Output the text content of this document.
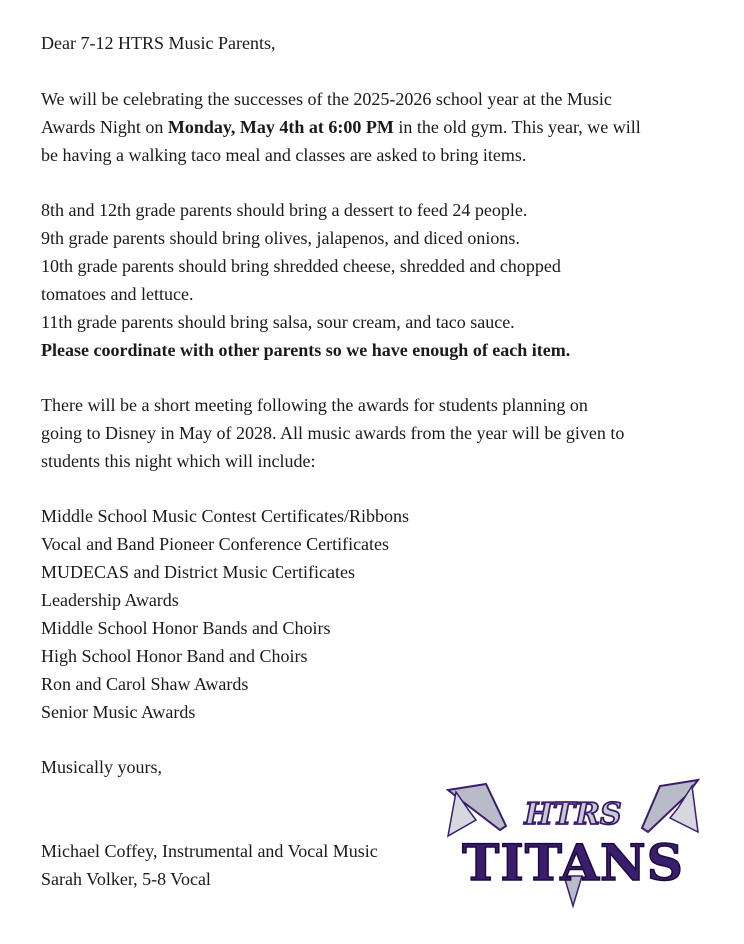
Dear 7-12 HTRS Music Parents,
We will be celebrating the successes of the 2025-2026 school year at the Music
Awards Night on Monday, May 4th at 6:00 PM in the old gym. This year, we will
be having a walking taco meal and classes are asked to bring items.
8th and 12th grade parents should bring a dessert to feed 24 people.
9th grade parents should bring olives, jalapenos, and diced onions.
10th grade parents should bring shredded cheese, shredded and chopped
tomatoes and lettuce.
11th grade parents should bring salsa, sour cream, and taco sauce.
Please coordinate with other parents so we have enough of each item.
There will be a short meeting following the awards for students planning on
going to Disney in May of 2028. All music awards from the year will be given to
students this night which will include:
Middle School Music Contest Certificates/Ribbons
Vocal and Band Pioneer Conference Certificates
MUDECAS and District Music Certificates
Leadership Awards
Middle School Honor Bands and Choirs
High School Honor Band and Choirs
Ron and Carol Shaw Awards
Senior Music Awards
Musically yours,
Michael Coffey, Instrumental and Vocal Music
Sarah Volker, 5-8 Vocal
HTRS
TITANS
